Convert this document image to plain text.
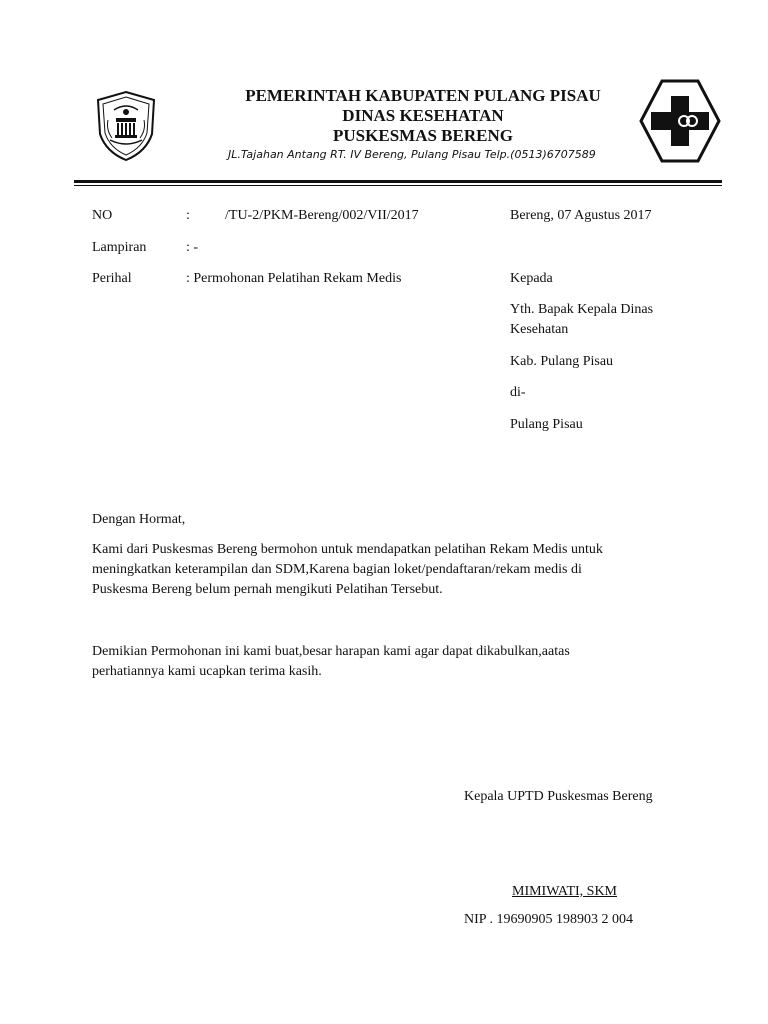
PEMERINTAH KABUPATEN PULANG PISAU
DINAS KESEHATAN
PUSKESMAS BERENG
JL.Tajahan Antang RT. IV Bereng, Pulang Pisau Telp.(0513)6707589
NO	:	/TU-2/PKM-Bereng/002/VII/2017	Bereng, 07 Agustus 2017
Lampiran	: -
Perihal	: Permohonan Pelatihan Rekam Medis	Kepada
Yth. Bapak Kepala Dinas
Kesehatan
Kab. Pulang Pisau
di-
Pulang Pisau
Dengan Hormat,
Kami dari Puskesmas Bereng bermohon untuk mendapatkan pelatihan Rekam Medis untuk
meningkatkan keterampilan dan SDM,Karena bagian loket/pendaftaran/rekam medis di
Puskesma Bereng belum pernah mengikuti Pelatihan Tersebut.
Demikian Permohonan ini kami buat,besar harapan kami agar dapat dikabulkan,aatas
perhatiannya kami ucapkan terima kasih.
Kepala UPTD Puskesmas Bereng
MIMIWATI, SKM
NIP . 19690905 198903 2 004
